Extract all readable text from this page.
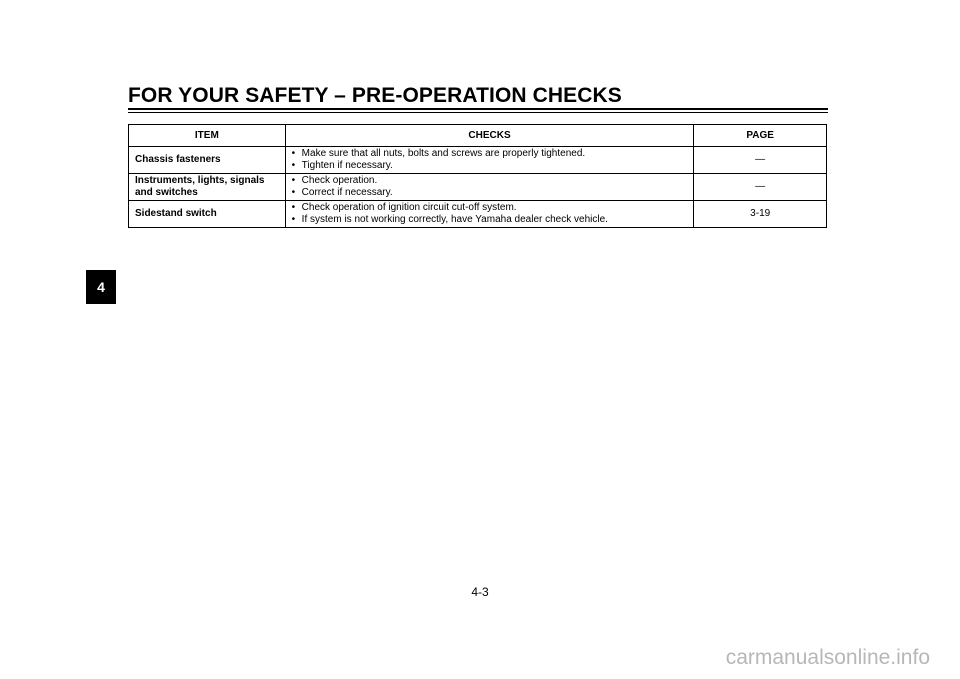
FOR YOUR SAFETY – PRE-OPERATION CHECKS
4
ITEM	CHECKS	PAGE
Chassis fasteners	• Make sure that all nuts, bolts and screws are properly tightened.
• Tighten if necessary.	—
Instruments, lights, signals and switches	• Check operation.
• Correct if necessary.	—
Sidestand switch	• Check operation of ignition circuit cut-off system.
• If system is not working correctly, have Yamaha dealer check vehicle.	3-19
4-3
carmanualsonline.info
